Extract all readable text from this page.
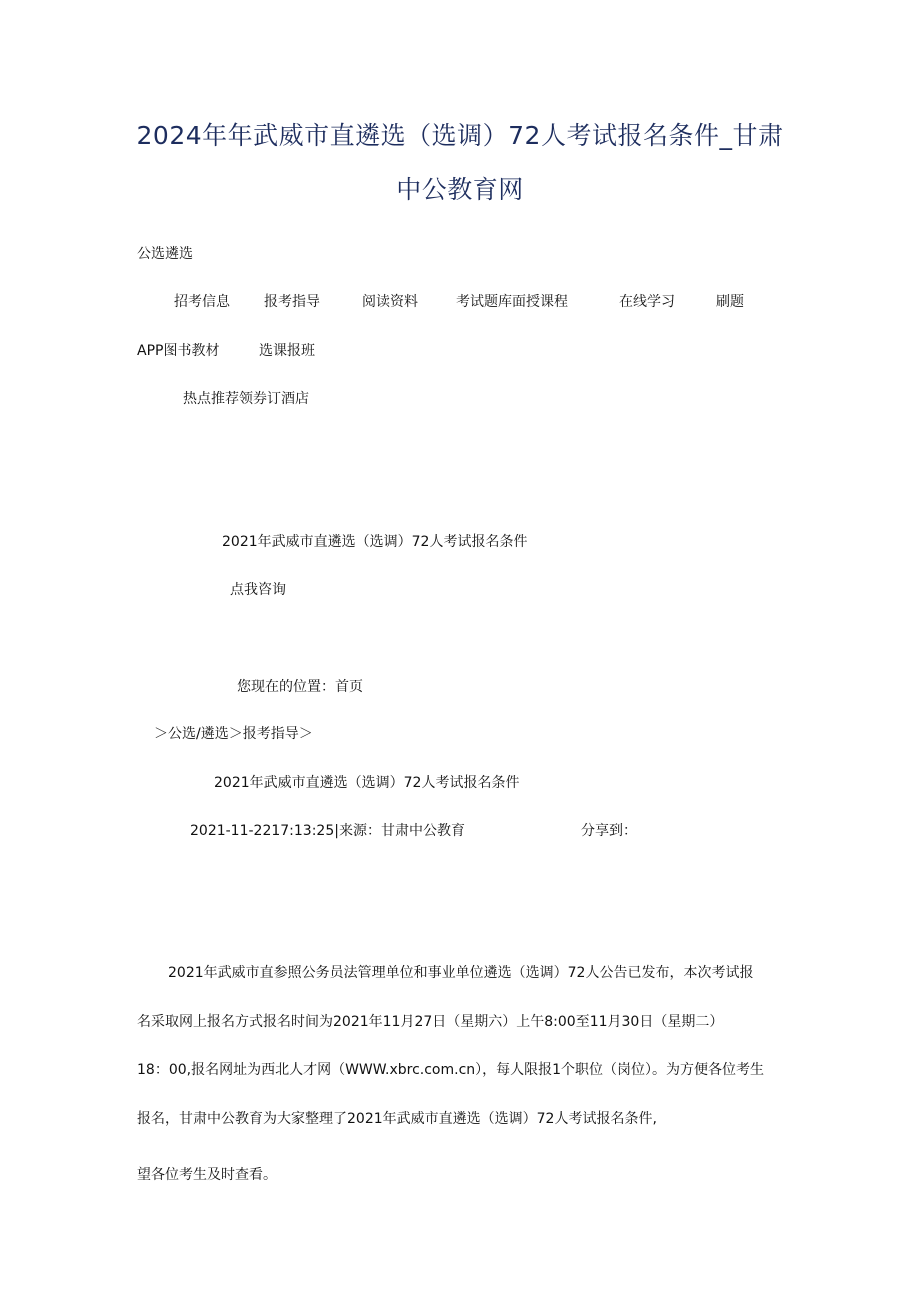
2024年年武威市直遴选（选调）72人考试报名条件_甘肃
中公教育网
公选遴选
招考信息 报考指导	阅读资料	考试题库面授课程	在线学习	刷题
APP图书教材	选课报班
热点推荐领券订酒店
2021年武威市直遴选（选调）72人考试报名条件
点我咨询
您现在的位置：首页
＞公选/遴选＞报考指导＞
2021年武威市直遴选（选调）72人考试报名条件
2021-11-2217:13:25|来源：甘肃中公教育	分享到：
2021年武威市直参照公务员法管理单位和事业单位遴选（选调）72人公告已发布，本次考试报
名采取网上报名方式报名时间为2021年11月27日（星期六）上午8:00至11月30日（星期二）
18：00,报名网址为西北人才网（WWW.xbrc.com.cn），每人限报1个职位（岗位）。为方便各位考生
报名，甘肃中公教育为大家整理了2021年武威市直遴选（选调）72人考试报名条件,
望各位考生及时查看。
